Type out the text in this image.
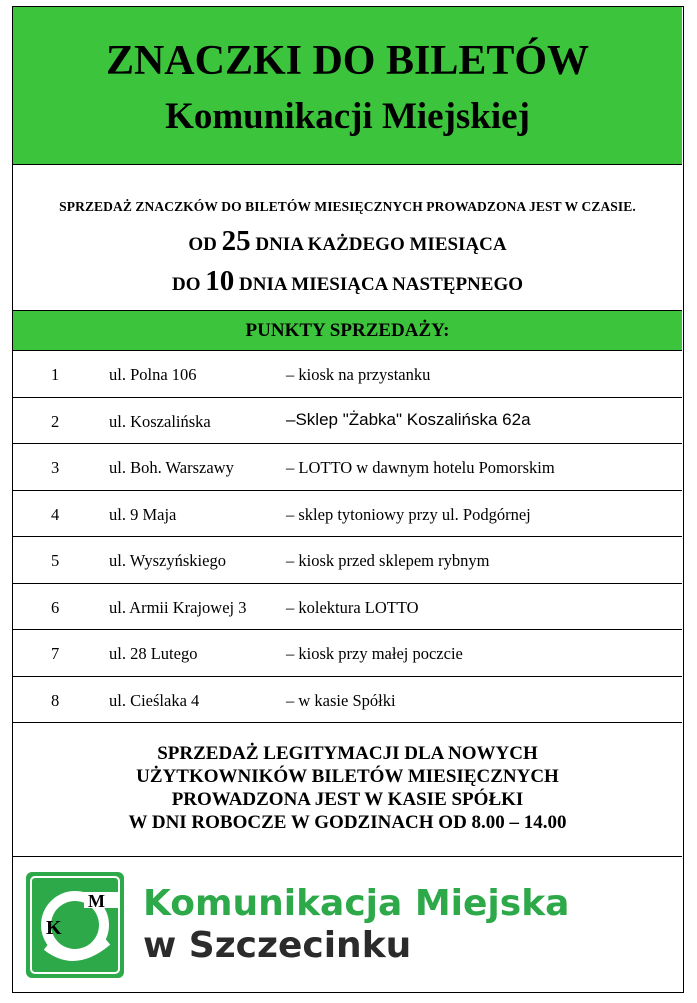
ZNACZKI DO BILETÓW
Komunikacji Miejskiej
SPRZEDAŻ ZNACZKÓW DO BILETÓW MIESIĘCZNYCH PROWADZONA JEST W CZASIE.
OD 25 DNIA KAŻDEGO MIESIĄCA
DO 10 DNIA MIESIĄCA NASTĘPNEGO
PUNKTY SPRZEDAŻY:
1	ul. Polna 106	– kiosk na przystanku
2	ul. Koszalińska	–Sklep "Żabka" Koszalińska 62a
3	ul. Boh. Warszawy	– LOTTO w dawnym hotelu Pomorskim
4	ul. 9 Maja	– sklep tytoniowy przy ul. Podgórnej
5	ul. Wyszyńskiego	– kiosk przed sklepem rybnym
6	ul. Armii Krajowej 3 – kolektura LOTTO
7	ul. 28 Lutego	– kiosk przy małej poczcie
8	ul. Cieślaka 4	– w kasie Spółki
SPRZEDAŻ LEGITYMACJI DLA NOWYCH
UŻYTKOWNIKÓW BILETÓW MIESIĘCZNYCH
PROWADZONA JEST W KASIE SPÓŁKI
W DNI ROBOCZE W GODZINACH OD 8.00 – 14.00
M
K
Komunikacja Miejska
w Szczecinku
